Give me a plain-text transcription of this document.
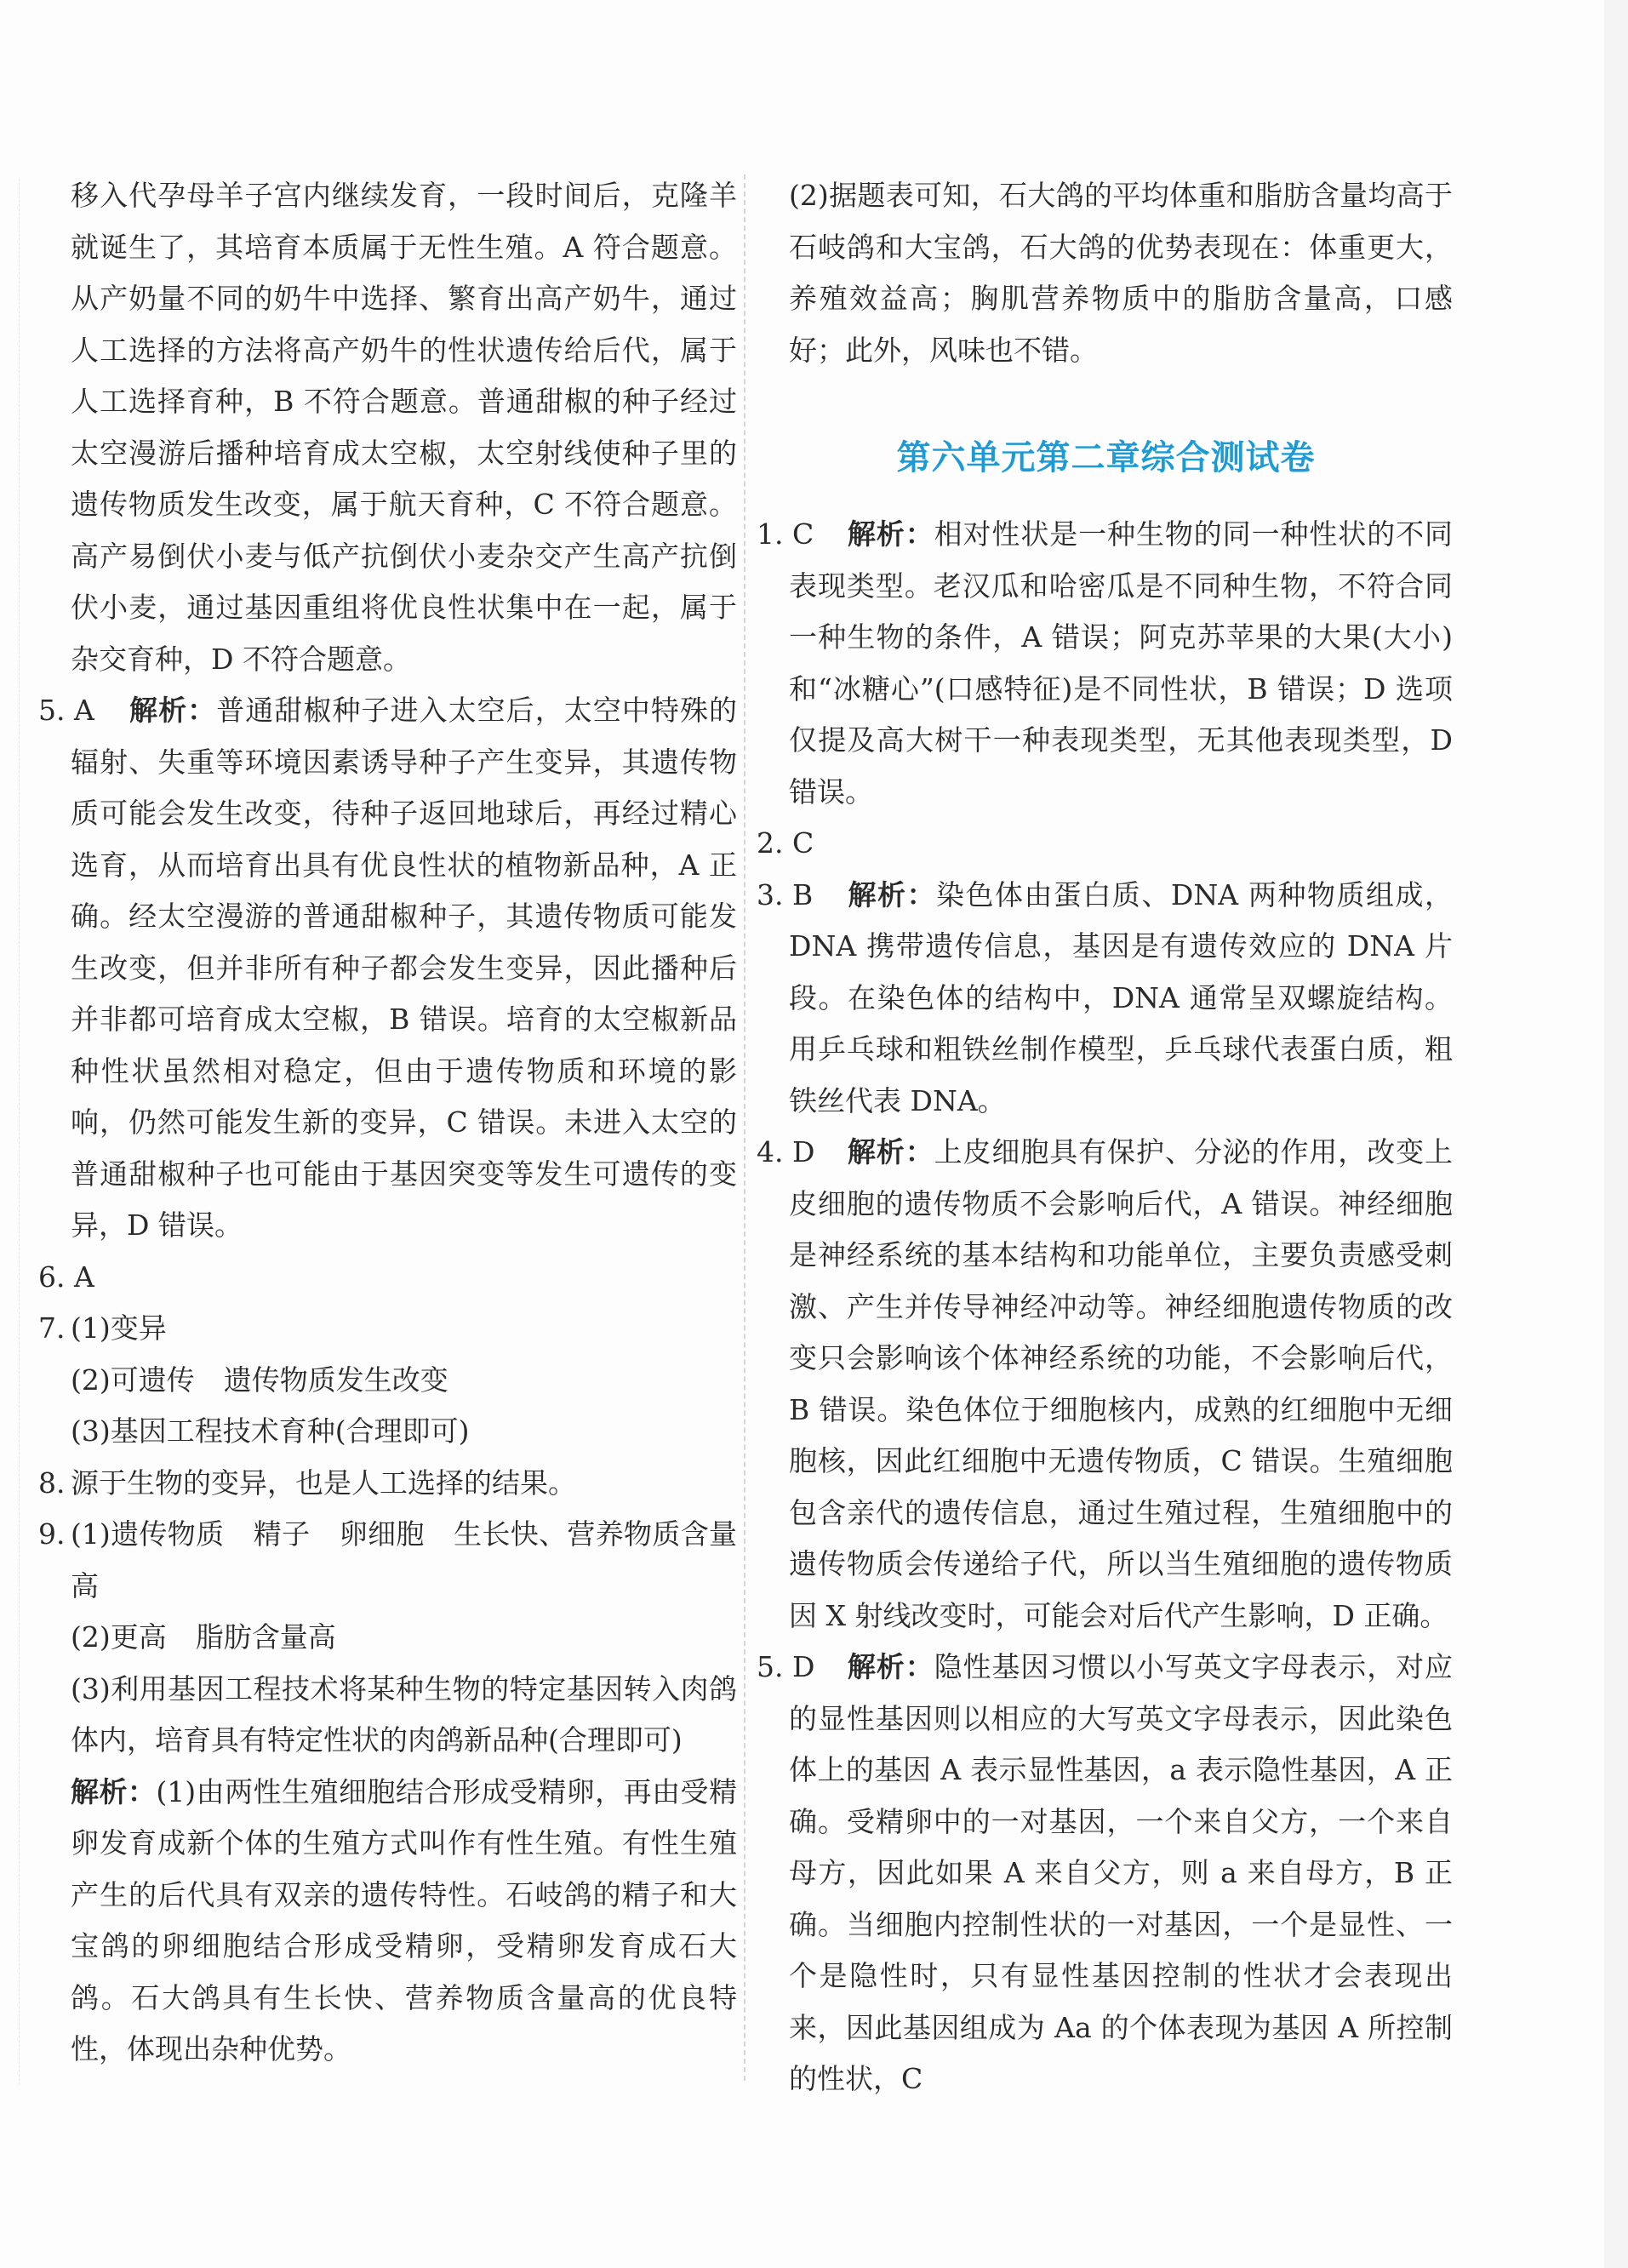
移入代孕母羊子宫内继续发育，一段时间后，克隆羊就诞生了，其培育本质属于无性生殖。A 符合题意。从产奶量不同的奶牛中选择、繁育出高产奶牛，通过人工选择的方法将高产奶牛的性状遗传给后代，属于人工选择育种，B 不符合题意。普通甜椒的种子经过太空漫游后播种培育成太空椒，太空射线使种子里的遗传物质发生改变，属于航天育种，C 不符合题意。高产易倒伏小麦与低产抗倒伏小麦杂交产生高产抗倒伏小麦，通过基因重组将优良性状集中在一起，属于杂交育种，D 不符合题意。

5. A 解析：普通甜椒种子进入太空后，太空中特殊的辐射、失重等环境因素诱导种子产生变异，其遗传物质可能会发生改变，待种子返回地球后，再经过精心选育，从而培育出具有优良性状的植物新品种，A 正确。经太空漫游的普通甜椒种子，其遗传物质可能发生改变，但并非所有种子都会发生变异，因此播种后并非都可培育成太空椒，B 错误。培育的太空椒新品种性状虽然相对稳定，但由于遗传物质和环境的影响，仍然可能发生新的变异，C 错误。未进入太空的普通甜椒种子也可能由于基因突变等发生可遗传的变异，D 错误。
6. A

7. (1)变异

(2)可遗传 遗传物质发生改变

(3)基因工程技术育种(合理即可)

8. 源于生物的变异，也是人工选择的结果。
9. (1)遗传物质 精子 卵细胞 生长快、营养物质含量高

(2)更高 脂肪含量高

(3)利用基因工程技术将某种生物的特定基因转入肉鸽体内，培育具有特定性状的肉鸽新品种(合理即可)

解析：(1)由两性生殖细胞结合形成受精卵，再由受精卵发育成新个体的生殖方式叫作有性生殖。有性生殖产生的后代具有双亲的遗传特性。石岐鸽的精子和大宝鸽的卵细胞结合形成受精卵，受精卵发育成石大鸽。石大鸽具有生长快、营养物质含量高的优良特性，体现出杂种优势。

(2)据题表可知，石大鸽的平均体重和脂肪含量均高于石岐鸽和大宝鸽，石大鸽的优势表现在：体重更大，养殖效益高；胸肌营养物质中的脂肪含量高，口感好；此外，风味也不错。

第六单元第二章综合测试卷
1. C 解析：相对性状是一种生物的同一种性状的不同表现类型。老汉瓜和哈密瓜是不同种生物，不符合同一种生物的条件，A 错误；阿克苏苹果的大果(大小)和“冰糖心”(口感特征)是不同性状，B 错误；D 选项仅提及高大树干一种表现类型，无其他表现类型，D 错误。
2. C

3. B 解析：染色体由蛋白质、DNA 两种物质组成，DNA 携带遗传信息，基因是有遗传效应的 DNA 片段。在染色体的结构中，DNA 通常呈双螺旋结构。用乒乓球和粗铁丝制作模型，乒乓球代表蛋白质，粗铁丝代表 DNA。
4. D 解析：上皮细胞具有保护、分泌的作用，改变上皮细胞的遗传物质不会影响后代，A 错误。神经细胞是神经系统的基本结构和功能单位，主要负责感受刺激、产生并传导神经冲动等。神经细胞遗传物质的改变只会影响该个体神经系统的功能，不会影响后代，B 错误。染色体位于细胞核内，成熟的红细胞中无细胞核，因此红细胞中无遗传物质，C 错误。生殖细胞包含亲代的遗传信息，通过生殖过程，生殖细胞中的遗传物质会传递给子代，所以当生殖细胞的遗传物质因 X 射线改变时，可能会对后代产生影响，D 正确。
5. D 解析：隐性基因习惯以小写英文字母表示，对应的显性基因则以相应的大写英文字母表示，因此染色体上的基因 A 表示显性基因，a 表示隐性基因，A 正确。受精卵中的一对基因，一个来自父方，一个来自母方，因此如果 A 来自父方，则 a 来自母方，B 正确。当细胞内控制性状的一对基因，一个是显性、一个是隐性时，只有显性基因控制的性状才会表现出来，因此基因组成为 Aa 的个体表现为基因 A 所控制的性状，C
